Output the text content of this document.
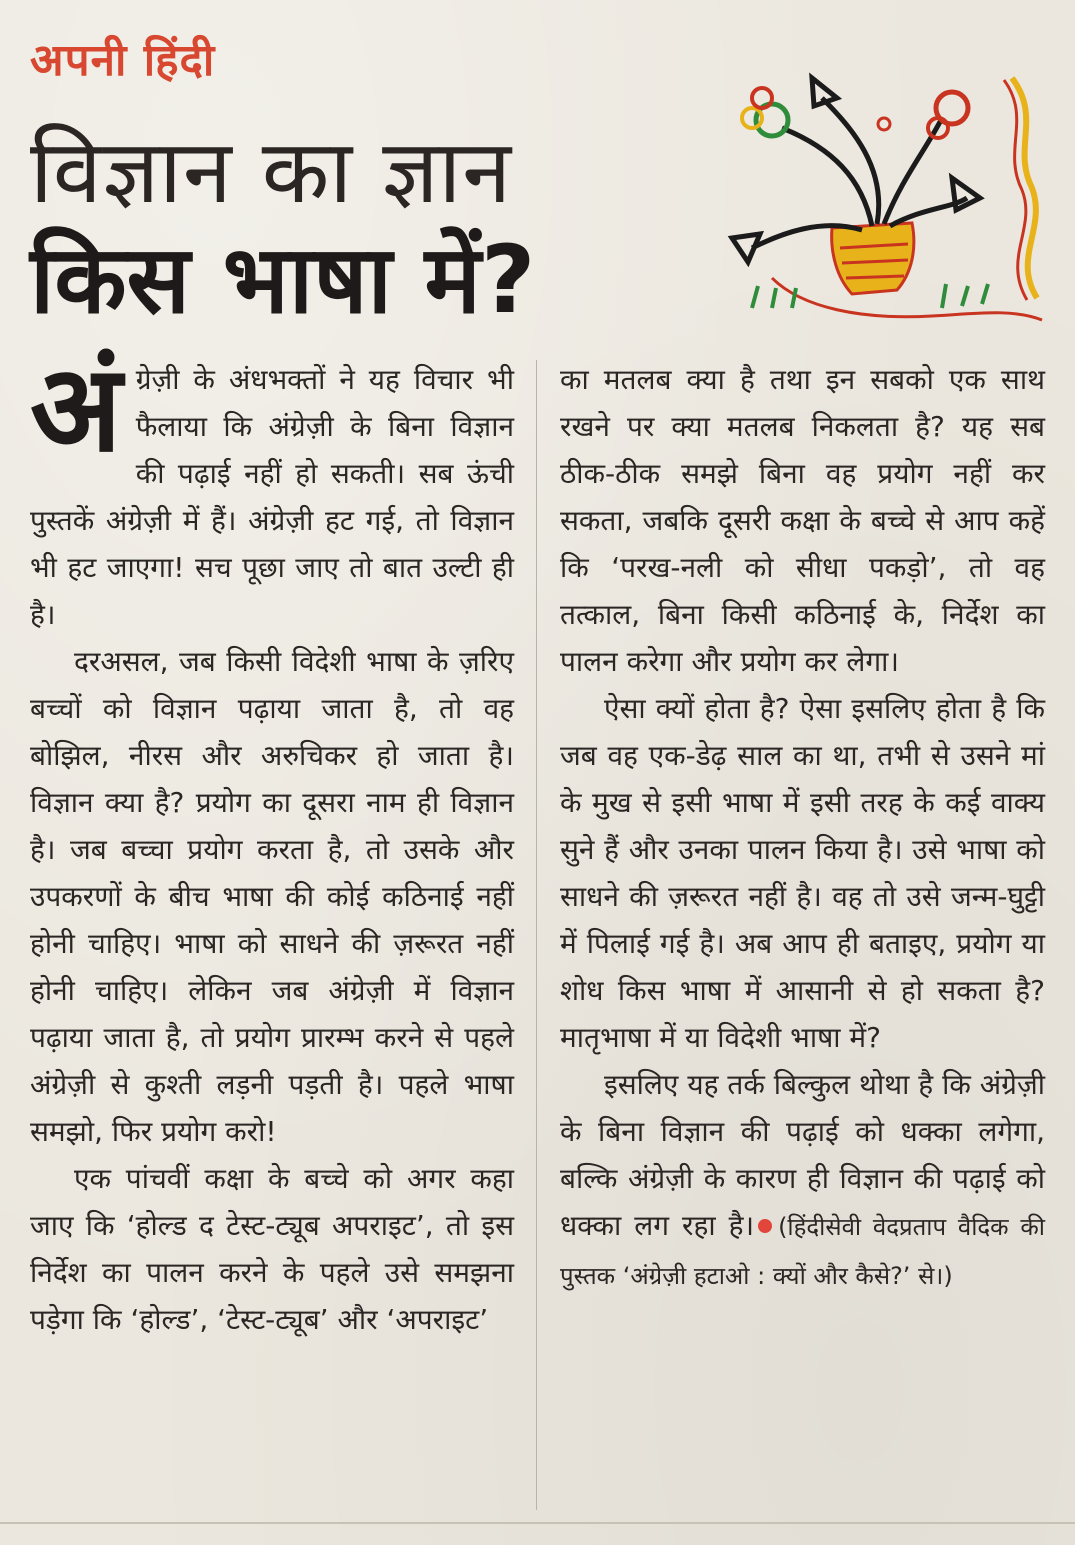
अपनी हिंदी
विज्ञान का ज्ञान
किस भाषा में?

अंग्रेज़ी के अंधभक्तों ने यह विचार भी फैलाया कि अंग्रेज़ी के बिना विज्ञान की पढ़ाई नहीं हो सकती। सब ऊंची पुस्तकें अंग्रेज़ी में हैं। अंग्रेज़ी हट गई, तो विज्ञान भी हट जाएगा! सच पूछा जाए तो बात उल्टी ही है।

दरअसल, जब किसी विदेशी भाषा के ज़रिए बच्चों को विज्ञान पढ़ाया जाता है, तो वह बोझिल, नीरस और अरुचिकर हो जाता है। विज्ञान क्या है? प्रयोग का दूसरा नाम ही विज्ञान है। जब बच्चा प्रयोग करता है, तो उसके और उपकरणों के बीच भाषा की कोई कठिनाई नहीं होनी चाहिए। भाषा को साधने की ज़रूरत नहीं होनी चाहिए। लेकिन जब अंग्रेज़ी में विज्ञान पढ़ाया जाता है, तो प्रयोग प्रारम्भ करने से पहले अंग्रेज़ी से कुश्ती लड़नी पड़ती है। पहले भाषा समझो, फिर प्रयोग करो!

एक पांचवीं कक्षा के बच्चे को अगर कहा जाए कि ‘होल्ड द टेस्ट-ट्यूब अपराइट’, तो इस निर्देश का पालन करने के पहले उसे समझना पड़ेगा कि ‘होल्ड’, ‘टेस्ट-ट्यूब’ और ‘अपराइट’

का मतलब क्या है तथा इन सबको एक साथ रखने पर क्या मतलब निकलता है? यह सब ठीक-ठीक समझे बिना वह प्रयोग नहीं कर सकता, जबकि दूसरी कक्षा के बच्चे से आप कहें कि ‘परख-नली को सीधा पकड़ो’, तो वह तत्काल, बिना किसी कठिनाई के, निर्देश का पालन करेगा और प्रयोग कर लेगा।

ऐसा क्यों होता है? ऐसा इसलिए होता है कि जब वह एक-डेढ़ साल का था, तभी से उसने मां के मुख से इसी भाषा में इसी तरह के कई वाक्य सुने हैं और उनका पालन किया है। उसे भाषा को साधने की ज़रूरत नहीं है। वह तो उसे जन्म-घुट्टी में पिलाई गई है। अब आप ही बताइए, प्रयोग या शोध किस भाषा में आसानी से हो सकता है? मातृभाषा में या विदेशी भाषा में?

इसलिए यह तर्क बिल्कुल थोथा है कि अंग्रेज़ी के बिना विज्ञान की पढ़ाई को धक्का लगेगा, बल्कि अंग्रेज़ी के कारण ही विज्ञान की पढ़ाई को धक्का लग रहा है। (हिंदीसेवी वेदप्रताप वैदिक की पुस्तक ‘अंग्रेज़ी हटाओ : क्यों और कैसे?’ से।)
